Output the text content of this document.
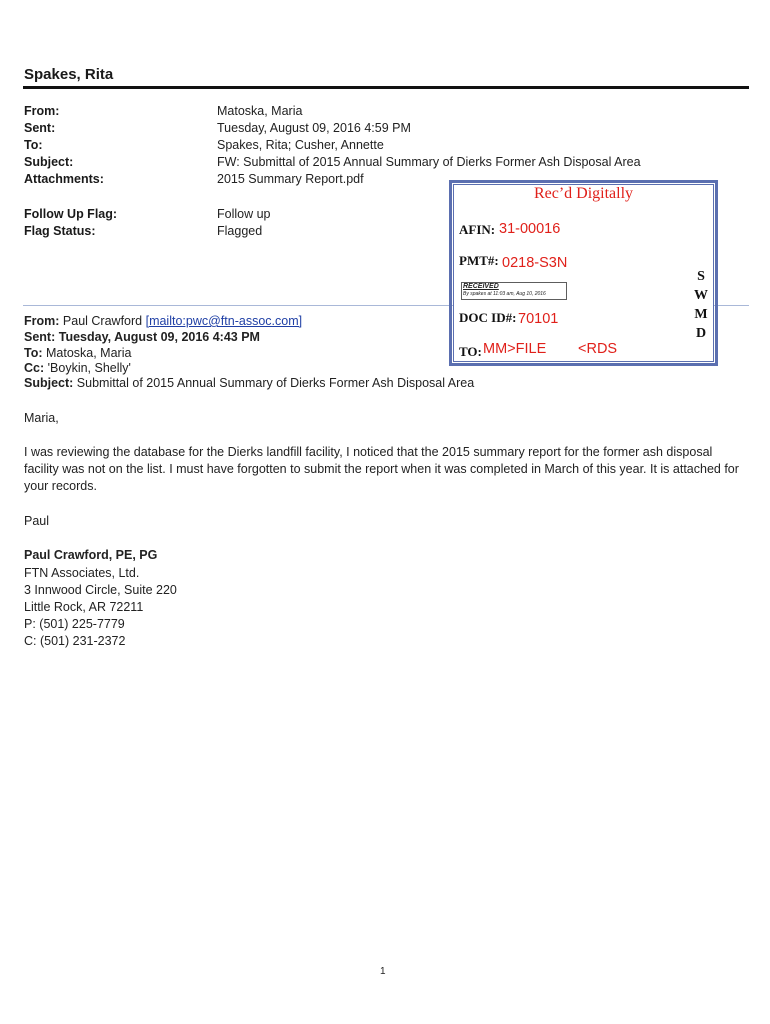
Spakes, Rita
From:	Matoska, Maria
Sent:	Tuesday, August 09, 2016 4:59 PM
To:	Spakes, Rita; Cusher, Annette
Subject:	FW: Submittal of 2015 Annual Summary of Dierks Former Ash Disposal Area
Attachments:	2015 Summary Report.pdf
Follow Up Flag:	Follow up
Flag Status:	Flagged
From: Paul Crawford [mailto:pwc@ftn-assoc.com]
Sent: Tuesday, August 09, 2016 4:43 PM
To: Matoska, Maria
Cc: 'Boykin, Shelly'
Subject: Submittal of 2015 Annual Summary of Dierks Former Ash Disposal Area
Maria,
I was reviewing the database for the Dierks landfill facility, I noticed that the 2015 summary report for the former ash disposal facility was not on the list. I must have forgotten to submit the report when it was completed in March of this year. It is attached for your records.
Paul
Paul Crawford, PE, PG
FTN Associates, Ltd.
3 Innwood Circle, Suite 220
Little Rock, AR 72211
P: (501) 225-7779
C: (501) 231-2372
Rec’d Digitally
AFIN: 31-00016
PMT#: 0218-S3N
RECEIVED
By spakes at 11:03 am, Aug 10, 2016
DOC ID#: 70101
TO: MM>FILE <RDS
S
W
M
D
1
